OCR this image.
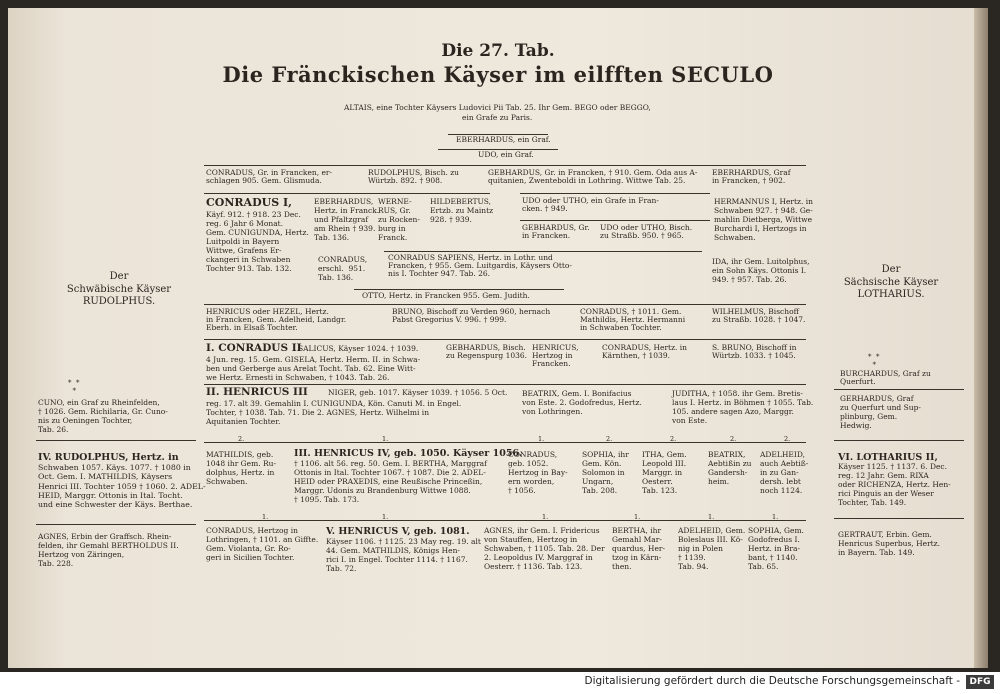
Die 27. Tab.
Die Fränckischen Käyser im eilfften SECULO
ALTAIS, eine Tochter Käysers Ludovici Pii Tab. 25. Ihr Gem. BEGO oder BEGGO,
ein Grafe zu Paris.
EBERHARDUS, ein Graf.
UDO, ein Graf.
CONRADUS, Gr. in Francken, er-
schlagen 905. Gem. Glismuda.
RUDOLPHUS, Bisch. zu
Würtzb. 892. † 908.
GEBHARDUS, Gr. in Francken, † 910. Gem. Oda aus A-
quitanien, Zwenteboldi in Lothring. Wittwe Tab. 25.
EBERHARDUS, Graf
in Francken, † 902.
CONRADUS I,
Käyf. 912. † 918. 23 Dec.
reg. 6 Jahr 6 Monat.
Gem. CUNIGUNDA, Hertz.
Luitpoldi in Bayern
Wittwe, Grafens Er-
ckangeri in Schwaben
Tochter 913. Tab. 132.
EBERHARDUS,
Hertz. in Franck.
und Pfaltzgraf
am Rhein † 939.
Tab. 136.
WERNE-
RUS, Gr.
zu Rocken-
burg in
Franck.
HILDEBERTUS,
Ertzb. zu Maintz
928. † 939.
UDO oder UTHO, ein Grafe in Fran-
cken. † 949.
GEBHARDUS, Gr.
in Francken.
UDO oder UTHO, Bisch.
zu Straßb. 950. † 965.
HERMANNUS I, Hertz. in
Schwaben 927. † 948. Ge-
mahlin Dietberga, Wittwe
Burchardi I, Hertzogs in
Schwaben.
CONRADUS,
erschl.  951.
Tab. 136.
CONRADUS SAPIENS, Hertz. in Lothr. und
Francken, † 955. Gem. Luitgardis, Käysers Otto-
nis I. Tochter 947. Tab. 26.
IDA, ihr Gem. Luitolphus,
ein Sohn Käys. Ottonis I.
949. † 957. Tab. 26.
OTTO, Hertz. in Francken 955. Gem. Judith.
HENRICUS oder HEZEL, Hertz.
in Francken, Gem. Adelheid, Landgr.
Eberh. in Elsaß Tochter.
BRUNO, Bischoff zu Verden 960, hernach
Pabst Gregorius V. 996. † 999.
CONRADUS, † 1011. Gem.
Mathildis, Hertz. Hermanni
in Schwaben Tochter.
WILHELMUS, Bischoff
zu Straßb. 1028. † 1047.
I. CONRADUS II
SALICUS, Käyser 1024. † 1039.
4 Jun. reg. 15. Gem. GISELA, Hertz. Herm. II. in Schwa-
ben und Gerberge aus Arelat Tocht. Tab. 62. Eine Witt-
we Hertz. Ernesti in Schwaben, † 1043. Tab. 26.
GEBHARDUS, Bisch.
zu Regenspurg 1036.
HENRICUS,
Hertzog in
Francken.
CONRADUS, Hertz. in
Kärnthen, † 1039.
S. BRUNO, Bischoff in
Würtzb. 1033. † 1045.
II. HENRICUS III	NIGER, geb. 1017. Käyser 1039. † 1056. 5 Oct.
reg. 17. alt 39. Gemahlin I. CUNIGUNDA, Kön. Canuti M. in Engel.
Tochter, † 1038. Tab. 71. Die 2. AGNES, Hertz. Wilhelmi in
Aquitanien Tochter.
BEATRIX, Gem. I. Bonifacius
von Este. 2. Godofredus, Hertz.
von Lothringen.
JUDITHA, † 1058. ihr Gem. Bretis-
laus I. Hertz. in Böhmen † 1055. Tab.
105. andere sagen Azo, Marggr.
von Este.
Der
Schwäbische Käyser
RUDOLPHUS.
*  *
*
CUNO, ein Graf zu Rheinfelden,
† 1026. Gem. Richilaria, Gr. Cuno-
nis zu Oeningen Tochter,
Tab. 26.
IV. RUDOLPHUS, Hertz. in
Schwaben 1057. Käys. 1077. † 1080 in
Oct. Gem. I. MATHILDIS, Käysers
Henrici III. Tochter 1059 † 1060. 2. ADEL-
HEID, Marggr. Ottonis in Ital. Tocht.
und eine Schwester der Käys. Berthae.
AGNES, Erbin der Graffsch. Rhein-
felden, ihr Gemahl BERTHOLDUS II.
Hertzog von Zäringen,
Tab. 228.
Der
Sächsische Käyser
LOTHARIUS.
*  *
*
BURCHARDUS, Graf zu
Querfurt.
GERHARDUS, Graf
zu Querfurt und Sup-
plinburg, Gem.
Hedwig.
VI. LOTHARIUS II,
Käyser 1125. † 1137. 6. Dec.
reg. 12 Jahr. Gem. RIXA
oder RICHENZA, Hertz. Hen-
rici Pinguis an der Weser
Tochter, Tab. 149.
GERTRAUT, Erbin. Gem.
Henricus Superbus, Hertz.
in Bayern. Tab. 149.
2.
MATHILDIS, geb.
1048 ihr Gem. Ru-
dolphus, Hertz. in
Schwaben.
1.
III. HENRICUS IV, geb. 1050. Käyser 1056.
† 1106. alt 56. reg. 50. Gem. I. BERTHA, Marggraf
Ottonis in Ital. Tochter 1067. † 1087. Die 2. ADEL-
HEID oder PRAXEDIS, eine Reußische Princeßin,
Marggr. Udonis zu Brandenburg Wittwe 1088.
† 1095. Tab. 173.
1.
CONRADUS,
geb. 1052.
Hertzog in Bay-
ern worden,
† 1056.
2.
SOPHIA, ihr
Gem. Kön.
Solomon in
Ungarn,
Tab. 208.
2.
ITHA, Gem.
Leopold III.
Marggr. in
Oesterr.
Tab. 123.
2.
BEATRIX,
Aebtißin zu
Gandersh-
heim.
2.
ADELHEID,
auch Aebtiß-
in zu Gan-
dersh. lebt
noch 1124.
1.
CONRADUS, Hertzog in
Lothringen, † 1101. an Giffte.
Gem. Violanta, Gr. Ro-
geri in Sicilien Tochter.
1.
V. HENRICUS V, geb. 1081.
Käyser 1106. † 1125. 23 May reg. 19. alt
44. Gem. MATHILDIS, Königs Hen-
rici I. in Engel. Tochter 1114. † 1167.
Tab. 72.
1.
AGNES, ihr Gem. I. Fridericus
von Stauffen, Hertzog in
Schwaben, † 1105. Tab. 28. Der
2. Leopoldus IV. Marggraf in
Oesterr. † 1136. Tab. 123.
1.
BERTHA, ihr
Gemahl Mar-
quardus, Her-
tzog in Kärn-
then.
1.
ADELHEID, Gem.
Boleslaus III. Kö-
nig in Polen
† 1139.
Tab. 94.
1.
SOPHIA, Gem.
Godofredus I.
Hertz. in Bra-
bant, † 1140.
Tab. 65.
Digitalisierung gefördert durch die Deutsche Forschungsgemeinschaft -	DFG
